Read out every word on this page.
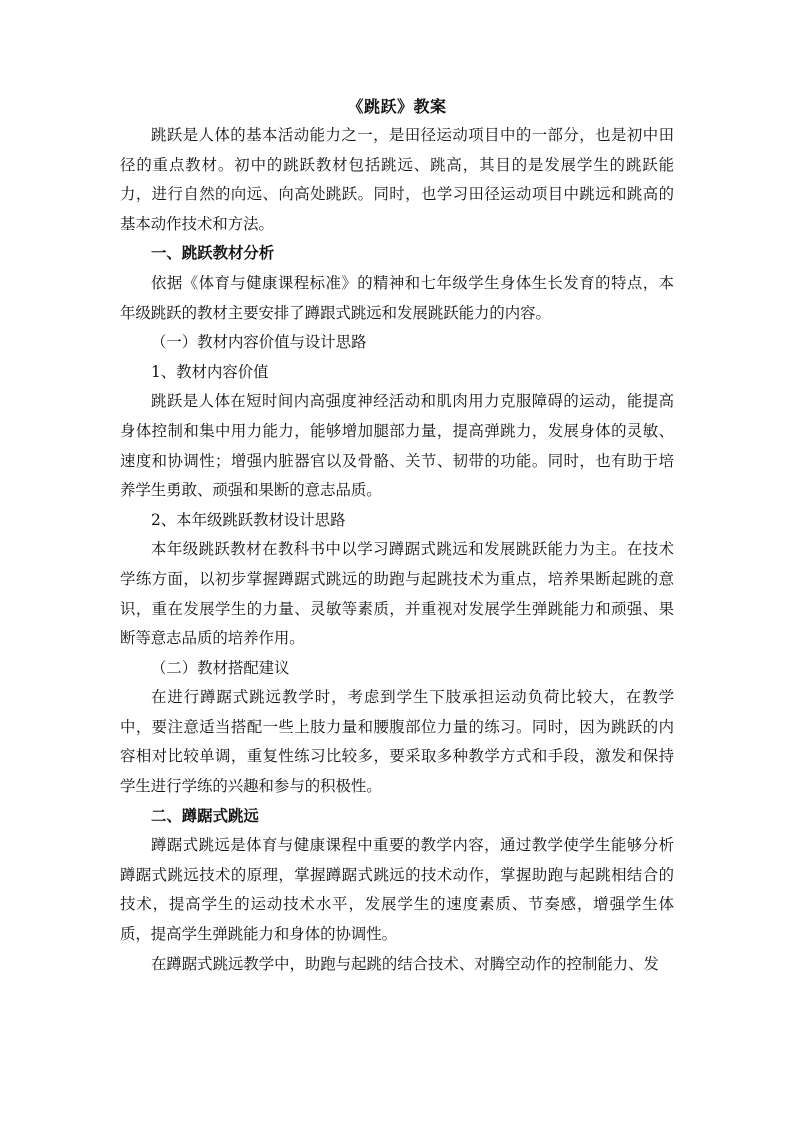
《跳跃》教案

跳跃是人体的基本活动能力之一，是田径运动项目中的一部分，也是初中田径的重点教材。初中的跳跃教材包括跳远、跳高，其目的是发展学生的跳跃能力，进行自然的向远、向高处跳跃。同时，也学习田径运动项目中跳远和跳高的基本动作技术和方法。

一、跳跃教材分析

依据《体育与健康课程标准》的精神和七年级学生身体生长发育的特点，本年级跳跃的教材主要安排了蹲跟式跳远和发展跳跃能力的内容。

（一）教材内容价值与设计思路

1、教材内容价值

跳跃是人体在短时间内高强度神经活动和肌肉用力克服障碍的运动，能提高身体控制和集中用力能力，能够增加腿部力量，提高弹跳力，发展身体的灵敏、速度和协调性；增强内脏器官以及骨骼、关节、韧带的功能。同时，也有助于培养学生勇敢、顽强和果断的意志品质。

2、本年级跳跃教材设计思路

本年级跳跃教材在教科书中以学习蹲踞式跳远和发展跳跃能力为主。在技术学练方面，以初步掌握蹲踞式跳远的助跑与起跳技术为重点，培养果断起跳的意识，重在发展学生的力量、灵敏等素质，并重视对发展学生弹跳能力和顽强、果断等意志品质的培养作用。

（二）教材搭配建议

在进行蹲踞式跳远教学时，考虑到学生下肢承担运动负荷比较大，在教学中，要注意适当搭配一些上肢力量和腰腹部位力量的练习。同时，因为跳跃的内容相对比较单调，重复性练习比较多，要采取多种教学方式和手段，激发和保持学生进行学练的兴趣和参与的积极性。

二、蹲踞式跳远

蹲踞式跳远是体育与健康课程中重要的教学内容，通过教学使学生能够分析蹲踞式跳远技术的原理，掌握蹲踞式跳远的技术动作，掌握助跑与起跳相结合的技术，提高学生的运动技术水平，发展学生的速度素质、节奏感，增强学生体质，提高学生弹跳能力和身体的协调性。

在蹲踞式跳远教学中，助跑与起跳的结合技术、对腾空动作的控制能力、发
